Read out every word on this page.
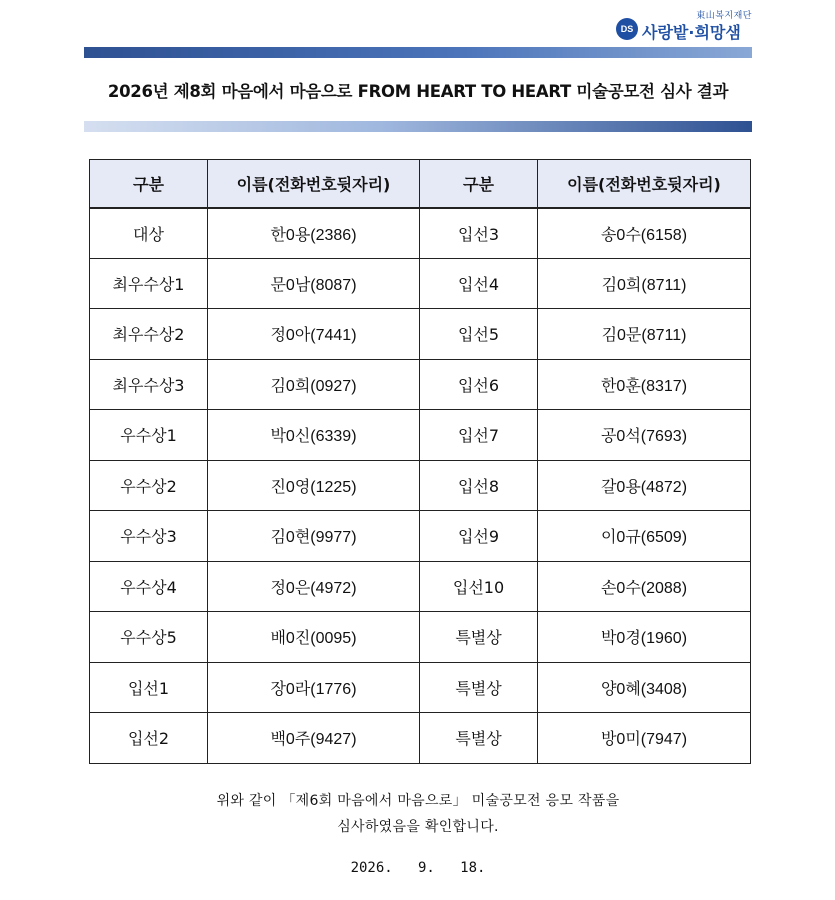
東山복지재단
DS 사랑밭·희망샘
2026년 제8회 마음에서 마음으로 FROM HEART TO HEART 미술공모전 심사 결과
구분	이름(전화번호뒷자리)	구분	이름(전화번호뒷자리)
대상	한0용(2386)	입선3	송0수(6158)
최우수상1	문0남(8087)	입선4	김0희(8711)
최우수상2	정0아(7441)	입선5	김0문(8711)
최우수상3	김0희(0927)	입선6	한0훈(8317)
우수상1	박0신(6339)	입선7	공0석(7693)
우수상2	진0영(1225)	입선8	갈0용(4872)
우수상3	김0현(9977)	입선9	이0규(6509)
우수상4	정0은(4972)	입선10	손0수(2088)
우수상5	배0진(0095)	특별상	박0경(1960)
입선1	장0라(1776)	특별상	양0혜(3408)
입선2	백0주(9427)	특별상	방0미(7947)
위와 같이 「제6회 마음에서 마음으로」 미술공모전 응모 작품을
심사하였음을 확인합니다.
2026.   9.   18.
